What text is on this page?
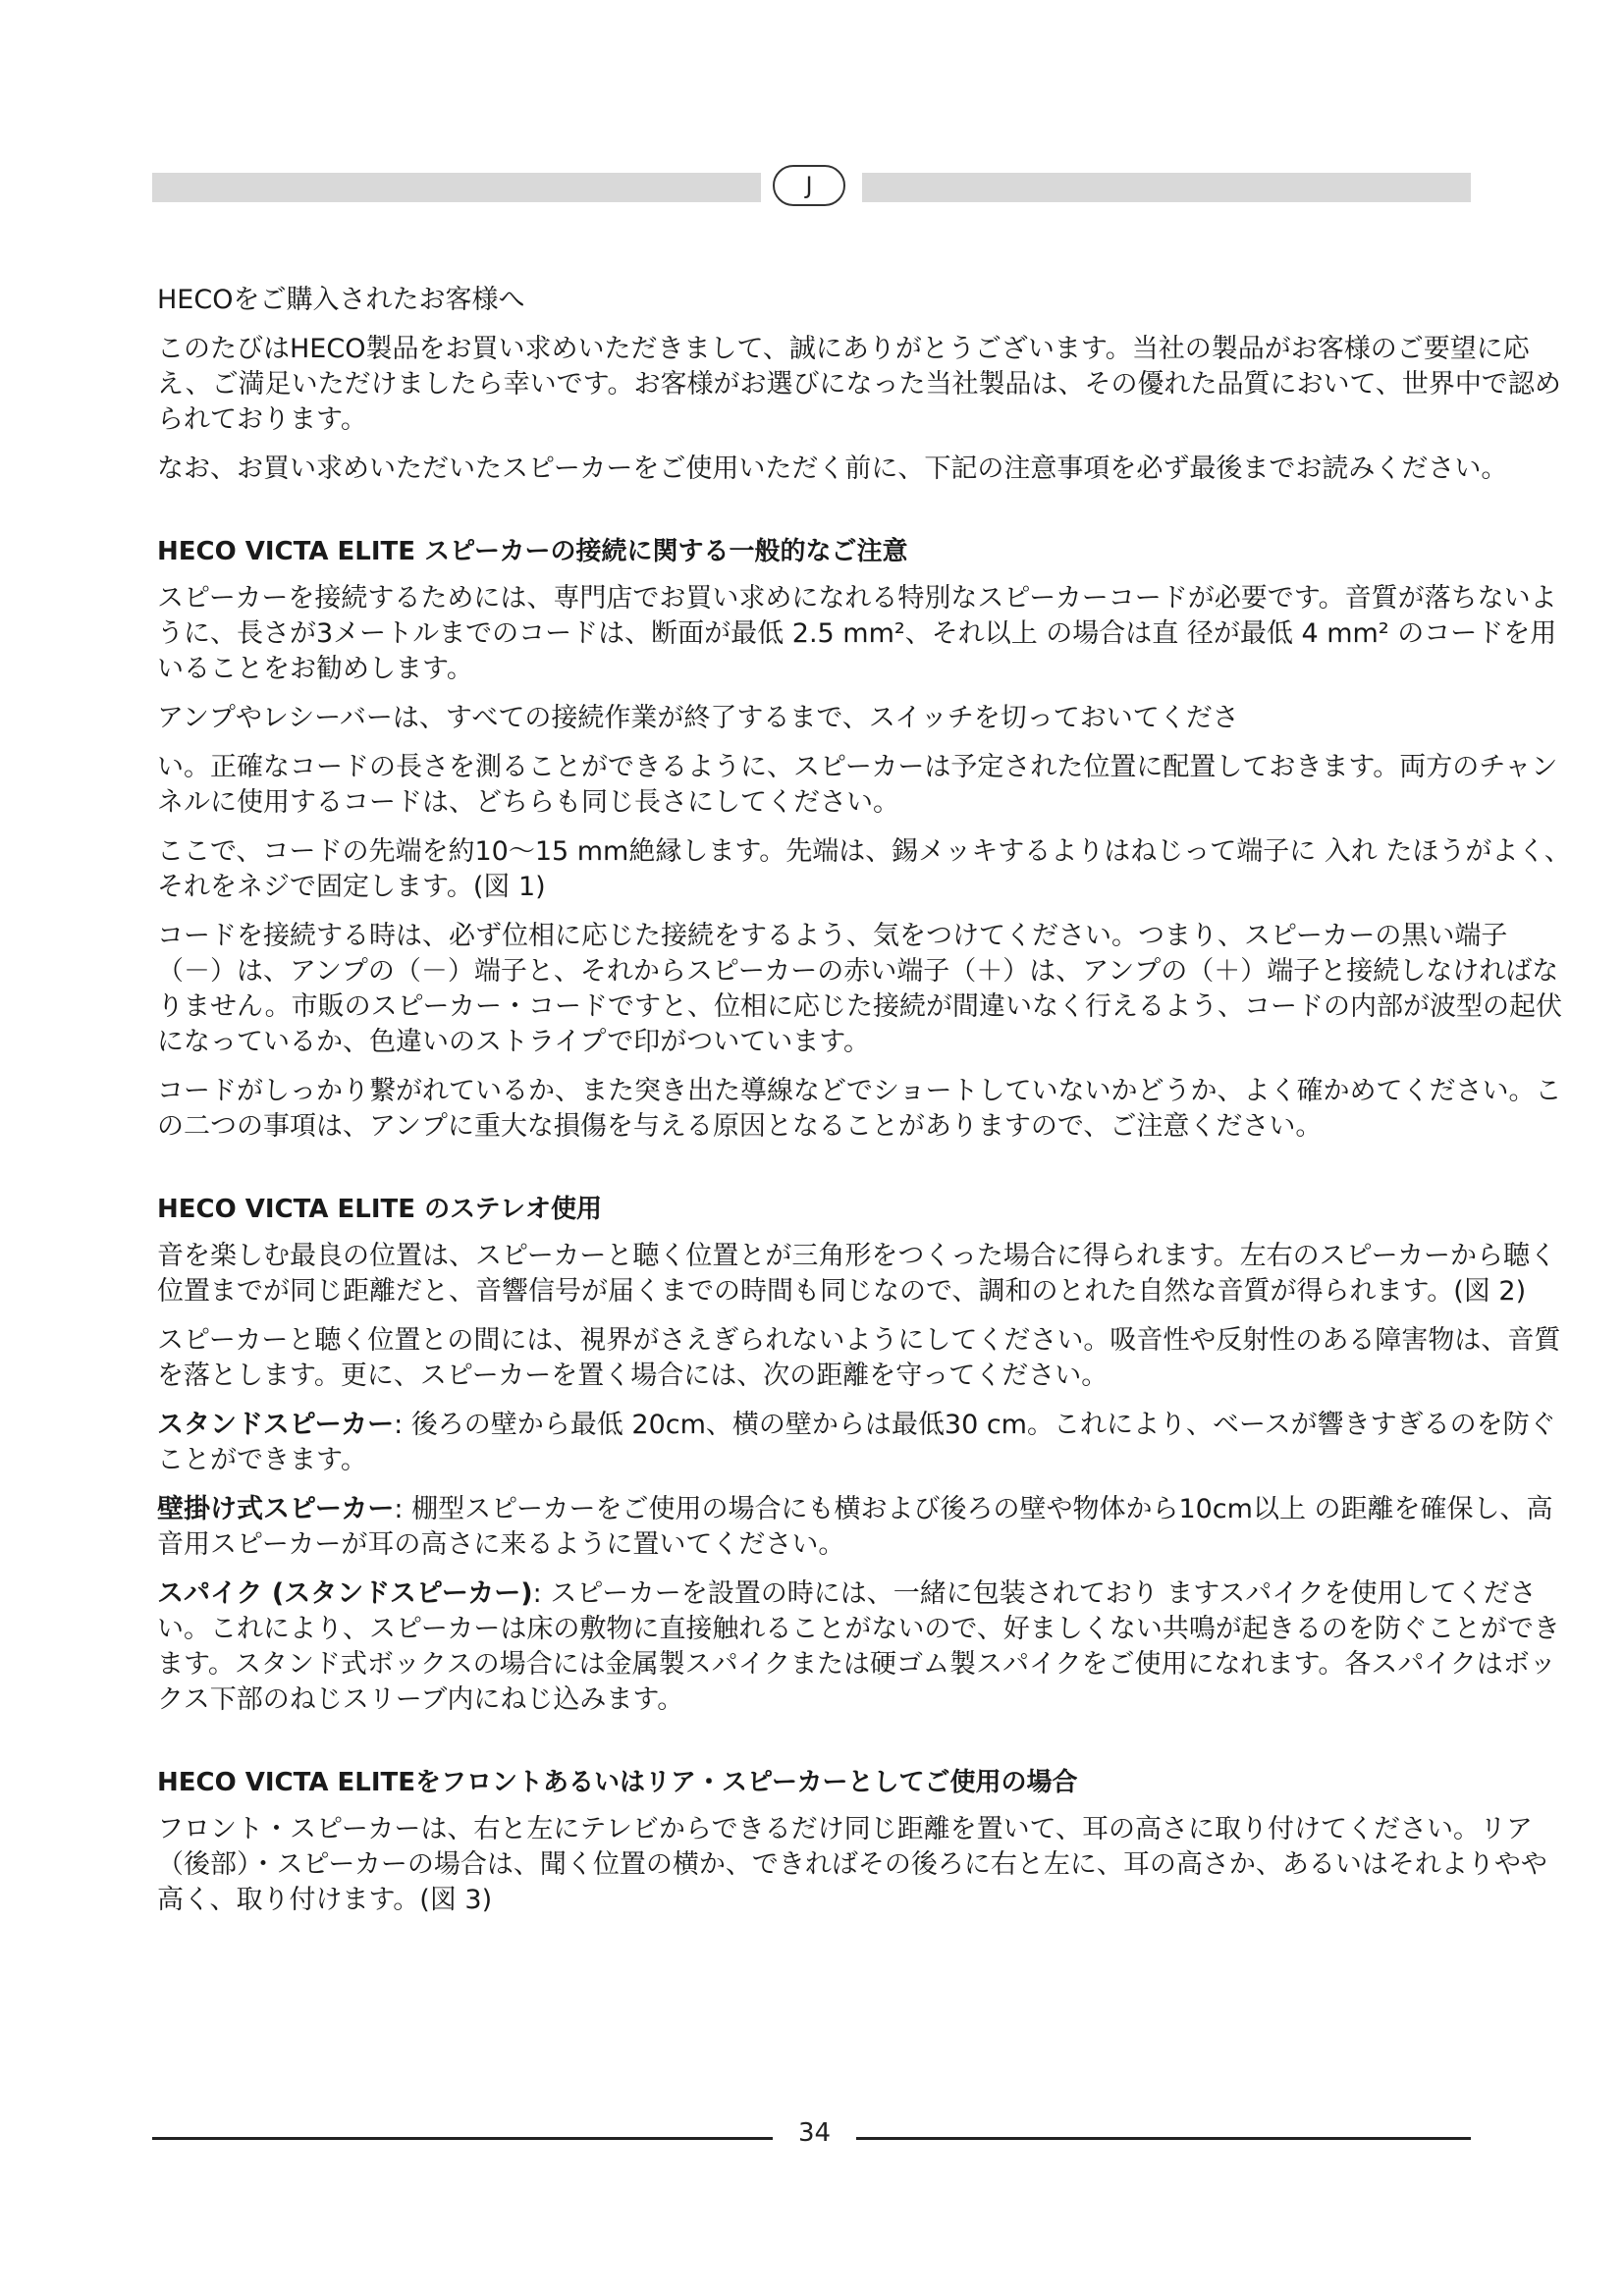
J

HECOをご購入されたお客様へ

このたびはHECO製品をお買い求めいただきまして、誠にありがとうございます。当社の製品がお客様のご要望に応え、ご満足いただけましたら幸いです。お客様がお選びになった当社製品は、その優れた品質において、世界中で認められております。

なお、お買い求めいただいたスピーカーをご使用いただく前に、下記の注意事項を必ず最後までお読みください。

HECO VICTA ELITE スピーカーの接続に関する一般的なご注意

スピーカーを接続するためには、専門店でお買い求めになれる特別なスピーカーコードが必要です。音質が落ちないように、長さが3メートルまでのコードは、断面が最低 2.5 mm²、それ以上 の場合は直 径が最低 4 mm² のコードを用いることをお勧めします。

アンプやレシーバーは、すべての接続作業が終了するまで、スイッチを切っておいてくださ

い。正確なコードの長さを測ることができるように、スピーカーは予定された位置に配置しておきます。両方のチャンネルに使用するコードは、どちらも同じ長さにしてください。

ここで、コードの先端を約10～15 mm絶縁します。先端は、錫メッキするよりはねじって端子に 入れ たほうがよく、それをネジで固定します。(図 1)

コードを接続する時は、必ず位相に応じた接続をするよう、気をつけてください。つまり、スピーカーの黒い端子（－）は、アンプの（－）端子と、それからスピーカーの赤い端子（＋）は、アンプの（＋）端子と接続しなければなりません。市販のスピーカー・コードですと、位相に応じた接続が間違いなく行えるよう、コードの内部が波型の起伏になっているか、色違いのストライプで印がついています。

コードがしっかり繋がれているか、また突き出た導線などでショートしていないかどうか、よく確かめてください。この二つの事項は、アンプに重大な損傷を与える原因となることがありますので、ご注意ください。

HECO VICTA ELITE のステレオ使用

音を楽しむ最良の位置は、スピーカーと聴く位置とが三角形をつくった場合に得られます。左右のスピーカーから聴く位置までが同じ距離だと、音響信号が届くまでの時間も同じなので、調和のとれた自然な音質が得られます。(図 2)

スピーカーと聴く位置との間には、視界がさえぎられないようにしてください。吸音性や反射性のある障害物は、音質を落とします。更に、スピーカーを置く場合には、次の距離を守ってください。

スタンドスピーカー: 後ろの壁から最低 20cm、横の壁からは最低30 cm。これにより、ベースが響きすぎるのを防ぐことができます。

壁掛け式スピーカー: 棚型スピーカーをご使用の場合にも横および後ろの壁や物体から10cm以上 の距離を確保し、高音用スピーカーが耳の高さに来るように置いてください。

スパイク (スタンドスピーカー): スピーカーを設置の時には、一緒に包装されており ますスパイクを使用してください。これにより、スピーカーは床の敷物に直接触れることがないので、好ましくない共鳴が起きるのを防ぐことができます。スタンド式ボックスの場合には金属製スパイクまたは硬ゴム製スパイクをご使用になれます。各スパイクはボックス下部のねじスリーブ内にねじ込みます。

HECO VICTA ELITEをフロントあるいはリア・スピーカーとしてご使用の場合

フロント・スピーカーは、右と左にテレビからできるだけ同じ距離を置いて、耳の高さに取り付けてください。リア（後部）・スピーカーの場合は、聞く位置の横か、できればその後ろに右と左に、耳の高さか、あるいはそれよりやや高く、取り付けます。(図 3)

34
